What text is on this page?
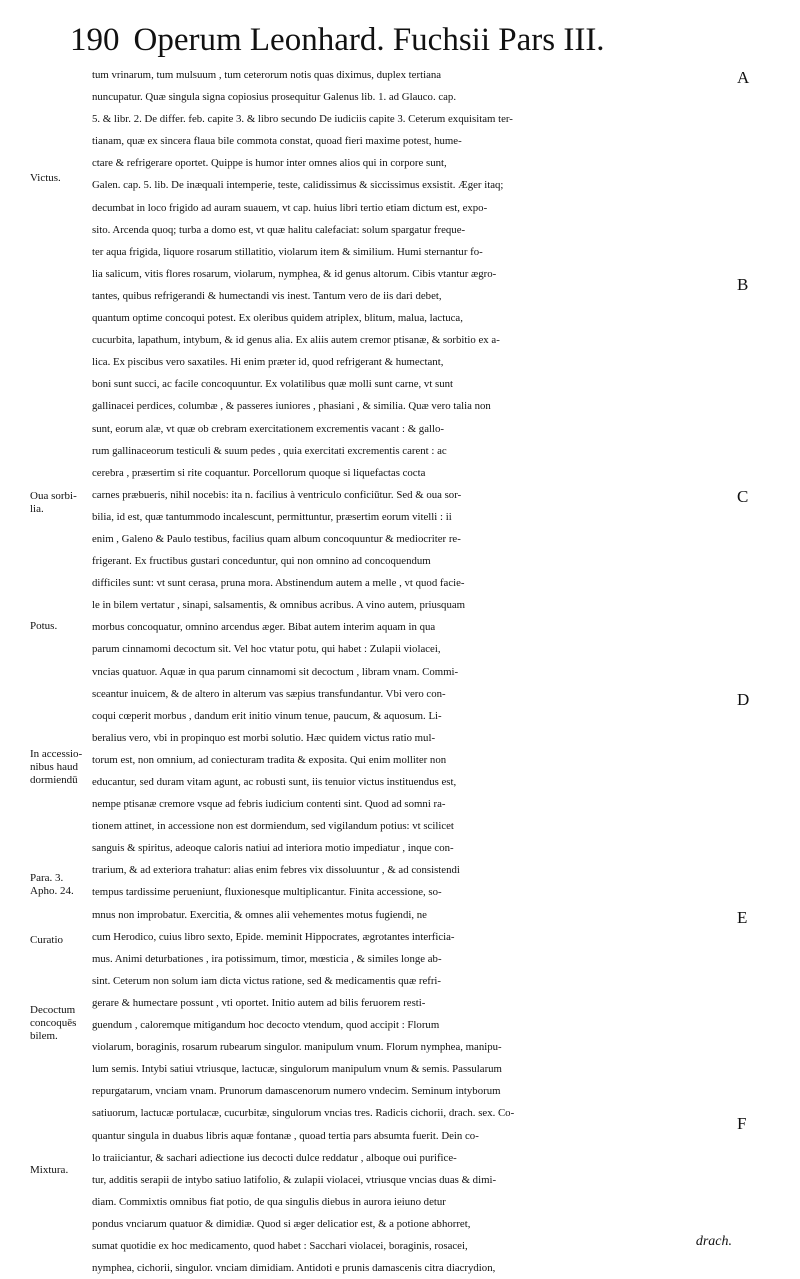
190 Operum Leonhard. Fuchsii Pars III.
Victus.
Oua sorbi-
lia.
Potus.
In accessio-
nibus haud
dormiendū
Para. 3.
Apho. 24.
Curatio
Decoctum
concoquēs
bilem.
Mixtura.
tum vrinarum, tum mulsuum , tum ceterorum notis quas diximus, duplex tertiana
nuncupatur. Quæ singula signa copiosius prosequitur Galenus lib. 1. ad Glauco. cap.
5. & libr. 2. De differ. feb. capite 3. & libro secundo De iudiciis capite 3. Ceterum exquisitam ter-
tianam, quæ ex sincera flaua bile commota constat, quoad fieri maxime potest, hume-
ctare & refrigerare oportet. Quippe is humor inter omnes alios qui in corpore sunt,
Galen. cap. 5. lib. De inæquali intemperie, teste, calidissimus & siccissimus exsistit. Æger itaq;
decumbat in loco frigido ad auram suauem, vt cap. huius libri tertio etiam dictum est, expo-
sito. Arcenda quoq; turba a domo est, vt quæ halitu calefaciat: solum spargatur freque-
ter aqua frigida, liquore rosarum stillatitio, violarum item & similium. Humi sternantur fo-
lia salicum, vitis flores rosarum, violarum, nymphea, & id genus altorum. Cibis vtantur ægro-
tantes, quibus refrigerandi & humectandi vis inest. Tantum vero de iis dari debet,
quantum optime concoqui potest. Ex oleribus quidem atriplex, blitum, malua, lactuca,
cucurbita, lapathum, intybum, & id genus alia. Ex aliis autem cremor ptisanæ, & sorbitio ex a-
lica. Ex piscibus vero saxatiles. Hi enim præter id, quod refrigerant & humectant,
boni sunt succi, ac facile concoquuntur. Ex volatilibus quæ molli sunt carne, vt sunt
gallinacei perdices, columbæ , & passeres iuniores , phasiani , & similia. Quæ vero talia non
sunt, eorum alæ, vt quæ ob crebram exercitationem excrementis vacant : & gallo-
rum gallinaceorum testiculi & suum pedes , quia exercitati excrementis carent : ac
cerebra , præsertim si rite coquantur. Porcellorum quoque si liquefactas cocta
carnes præbueris, nihil nocebis: ita n. facilius à ventriculo conficiūtur. Sed & oua sor-
bilia, id est, quæ tantummodo incalescunt, permittuntur, præsertim eorum vitelli : ii
enim , Galeno & Paulo testibus, facilius quam album concoquuntur & mediocriter re-
frigerant. Ex fructibus gustari conceduntur, qui non omnino ad concoquendum
difficiles sunt: vt sunt cerasa, pruna mora. Abstinendum autem a melle , vt quod facie-
le in bilem vertatur , sinapi, salsamentis, & omnibus acribus. A vino autem, priusquam
morbus concoquatur, omnino arcendus æger. Bibat autem interim aquam in qua
parum cinnamomi decoctum sit. Vel hoc vtatur potu, qui habet : Zulapii violacei,
vncias quatuor. Aquæ in qua parum cinnamomi sit decoctum , libram vnam. Commi-
sceantur inuicem, & de altero in alterum vas sæpius transfundantur. Vbi vero con-
coqui cœperit morbus , dandum erit initio vinum tenue, paucum, & aquosum. Li-
beralius vero, vbi in propinquo est morbi solutio. Hæc quidem victus ratio mul-
torum est, non omnium, ad coniecturam tradita & exposita. Qui enim molliter non
educantur, sed duram vitam agunt, ac robusti sunt, iis tenuior victus instituendus est,
nempe ptisanæ cremore vsque ad febris iudicium contenti sint. Quod ad somni ra-
tionem attinet, in accessione non est dormiendum, sed vigilandum potius: vt scilicet
sanguis & spiritus, adeoque caloris natiui ad interiora motio impediatur , inque con-
trarium, & ad exteriora trahatur: alias enim febres vix dissoluuntur , & ad consistendi
tempus tardissime perueniunt, fluxionesque multiplicantur. Finita accessione, so-
mnus non improbatur. Exercitia, & omnes alii vehementes motus fugiendi, ne
cum Herodico, cuius libro sexto, Epide. meminit Hippocrates, ægrotantes interficia-
mus. Animi deturbationes , ira potissimum, timor, mœsticia , & similes longe ab-
sint. Ceterum non solum iam dicta victus ratione, sed & medicamentis quæ refri-
gerare & humectare possunt , vti oportet. Initio autem ad bilis feruorem resti-
guendum , caloremque mitigandum hoc decocto vtendum, quod accipit : Florum
violarum, boraginis, rosarum rubearum singulor. manipulum vnum. Florum nymphea, manipu-
lum semis. Intybi satiui vtriusque, lactucæ, singulorum manipulum vnum & semis. Passularum
repurgatarum, vnciam vnam. Prunorum damascenorum numero vndecim. Seminum intyborum
satiuorum, lactucæ portulacæ, cucurbitæ, singulorum vncias tres. Radicis cichorii, drach. sex. Co-
quantur singula in duabus libris aquæ fontanæ , quoad tertia pars absumta fuerit. Dein co-
lo traiiciantur, & sachari adiectione ius decocti dulce reddatur , alboque oui purifice-
tur, additis serapii de intybo satiuo latifolio, & zulapii violacei, vtriusque vncias duas & dimi-
diam. Commixtis omnibus fiat potio, de qua singulis diebus in aurora ieiuno detur
pondus vnciarum quatuor & dimidiæ. Quod si æger delicatior est, & a potione abhorret,
sumat quotidie ex hoc medicamento, quod habet : Sacchari violacei, boraginis, rosacei,
nymphea, cichorii, singulor. vnciam dimidiam. Antidoti e prunis damascenis citra diacrydion,
A
B
C
D
E
F
drach.
